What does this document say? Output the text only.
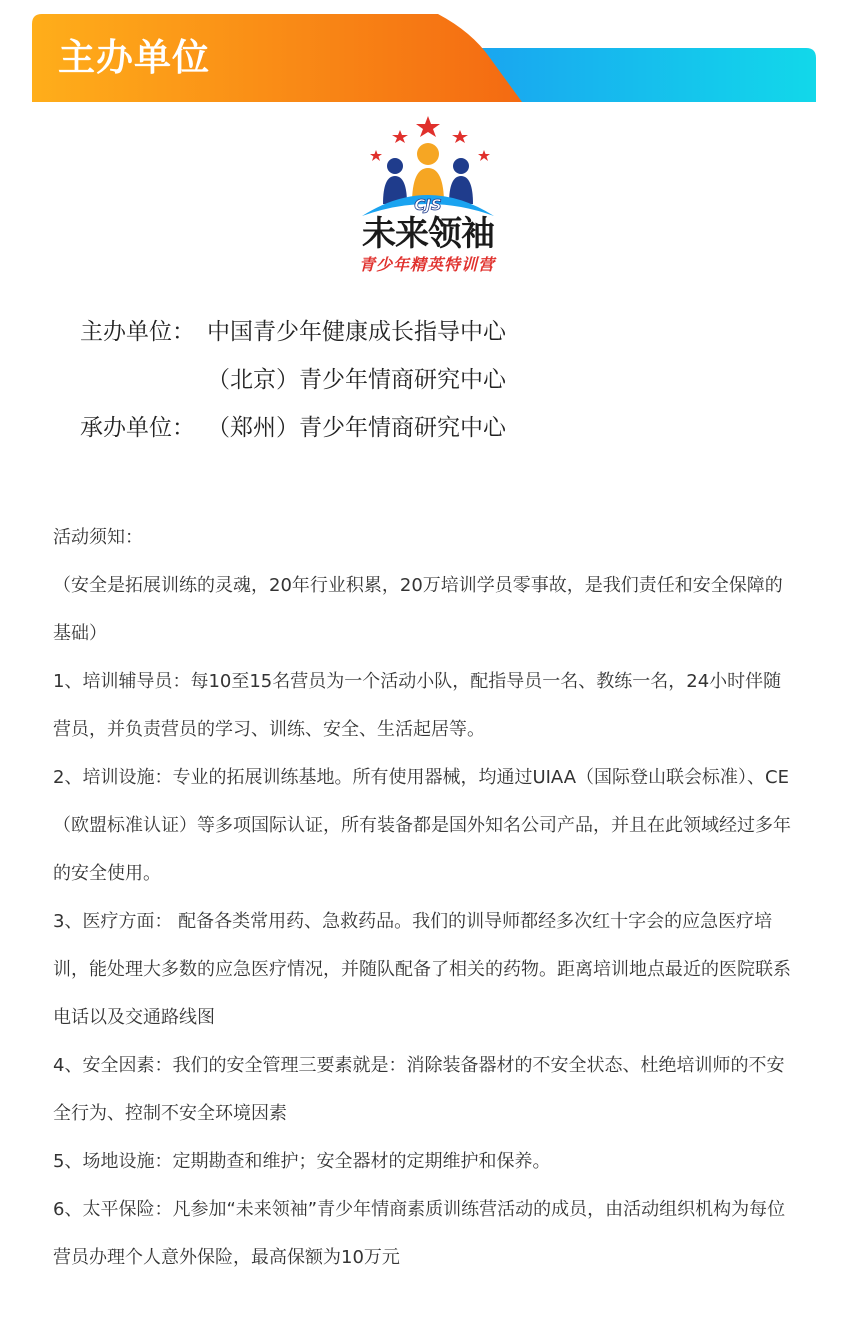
主办单位
CJS
未来领袖
青少年精英特训营
主办单位： 中国青少年健康成长指导中心
（北京）青少年情商研究中心
承办单位： （郑州）青少年情商研究中心

活动须知：

（安全是拓展训练的灵魂，20年行业积累，20万培训学员零事故，是我们责任和安全保障的基础）

1、培训辅导员：每10至15名营员为一个活动小队，配指导员一名、教练一名，24小时伴随营员，并负责营员的学习、训练、安全、生活起居等。

2、培训设施：专业的拓展训练基地。所有使用器械，均通过UIAA（国际登山联会标准）、CE（欧盟标准认证）等多项国际认证，所有装备都是国外知名公司产品，并且在此领域经过多年的安全使用。

3、医疗方面： 配备各类常用药、急救药品。我们的训导师都经多次红十字会的应急医疗培训，能处理大多数的应急医疗情况，并随队配备了相关的药物。距离培训地点最近的医院联系电话以及交通路线图

4、安全因素：我们的安全管理三要素就是：消除装备器材的不安全状态、杜绝培训师的不安全行为、控制不安全环境因素

5、场地设施：定期勘查和维护；安全器材的定期维护和保养。

6、太平保险：凡参加“未来领袖”青少年情商素质训练营活动的成员，由活动组织机构为每位营员办理个人意外保险，最高保额为10万元
